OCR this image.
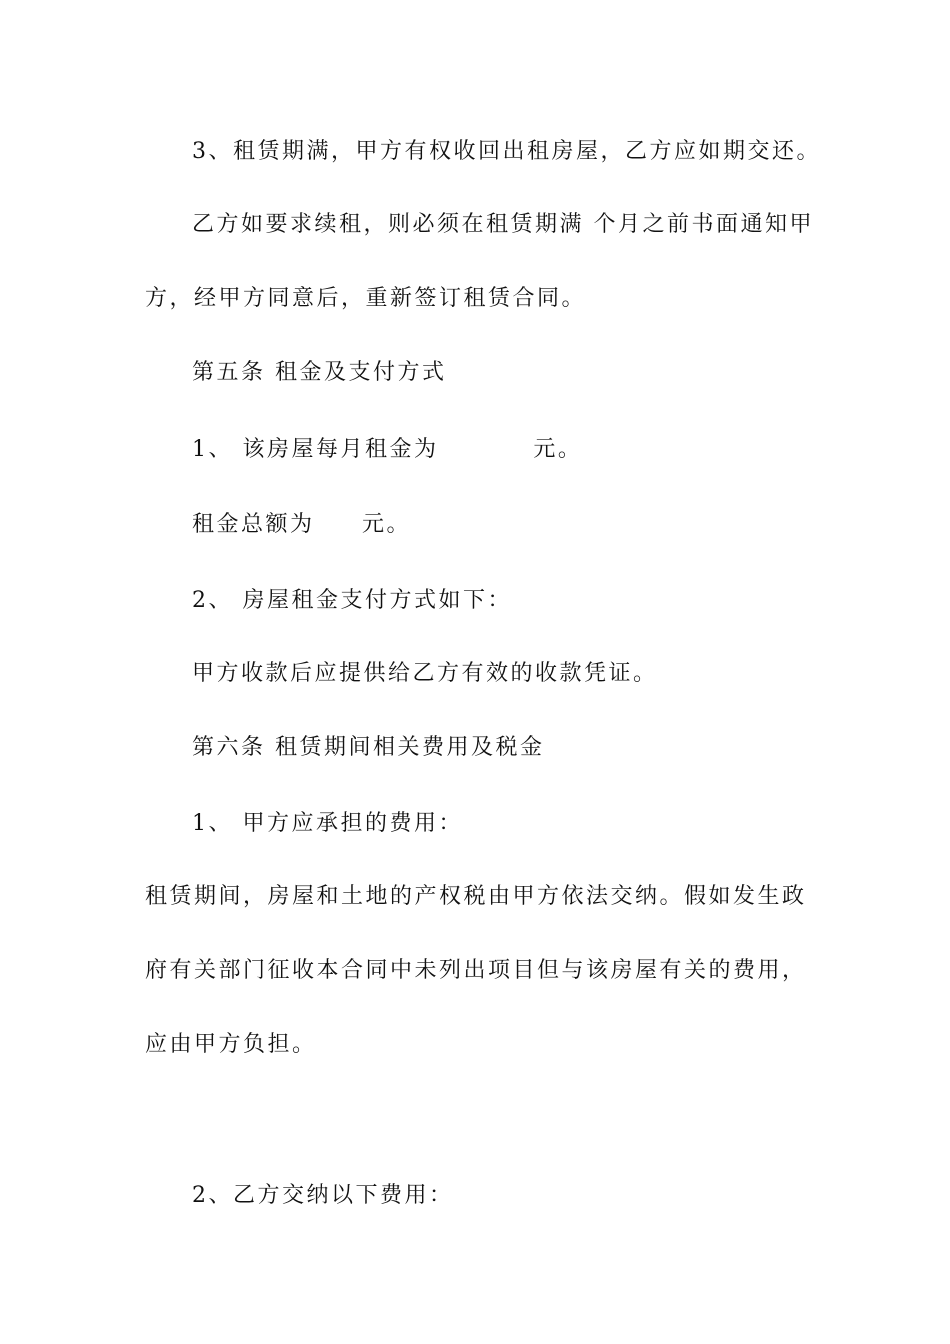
3、租赁期满，甲方有权收回出租房屋，乙方应如期交还。
乙方如要求续租，则必须在租赁期满 个月之前书面通知甲
方，经甲方同意后，重新签订租赁合同。
第五条 租金及支付方式
1、 该房屋每月租金为          元。
租金总额为     元。
2、 房屋租金支付方式如下：
甲方收款后应提供给乙方有效的收款凭证。
第六条 租赁期间相关费用及税金
1、 甲方应承担的费用：
租赁期间，房屋和土地的产权税由甲方依法交纳。假如发生政
府有关部门征收本合同中未列出项目但与该房屋有关的费用，
应由甲方负担。
2、乙方交纳以下费用：
